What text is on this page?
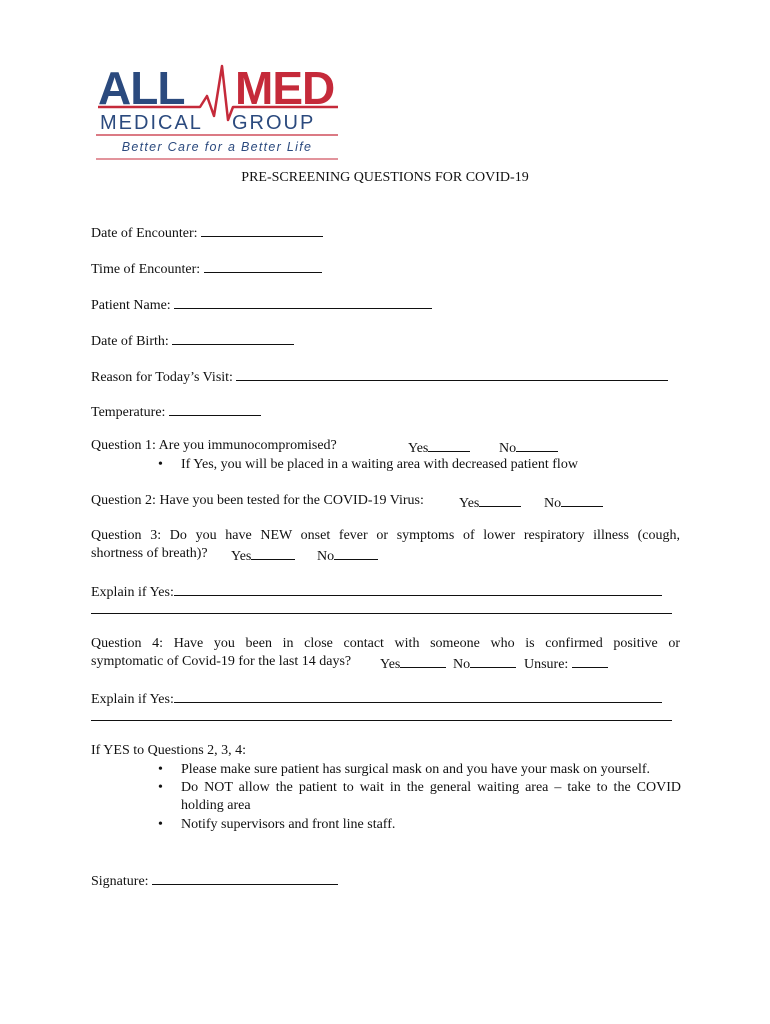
ALL MED
MEDICAL GROUP
Better Care for a Better Life
PRE-SCREENING QUESTIONS FOR COVID-19
Date of Encounter:
Time of Encounter:
Patient Name:
Date of Birth:
Reason for Today’s Visit:
Temperature:
Question 1: Are you immunocompromised?	Yes	No
• If Yes, you will be placed in a waiting area with decreased patient flow
Question 2: Have you been tested for the COVID-19 Virus:	Yes	No
Question 3: Do you have NEW onset fever or symptoms of lower respiratory illness (cough,
shortness of breath)? Yes	No
Explain if Yes:
Question 4: Have you been in close contact with someone who is confirmed positive or
symptomatic of Covid-19 for the last 14 days? Yes	No	Unsure:
Explain if Yes:
If YES to Questions 2, 3, 4:
• Please make sure patient has surgical mask on and you have your mask on yourself.
• Do NOT allow the patient to wait in the general waiting area – take to the COVID holding area
• Notify supervisors and front line staff.
Signature:
